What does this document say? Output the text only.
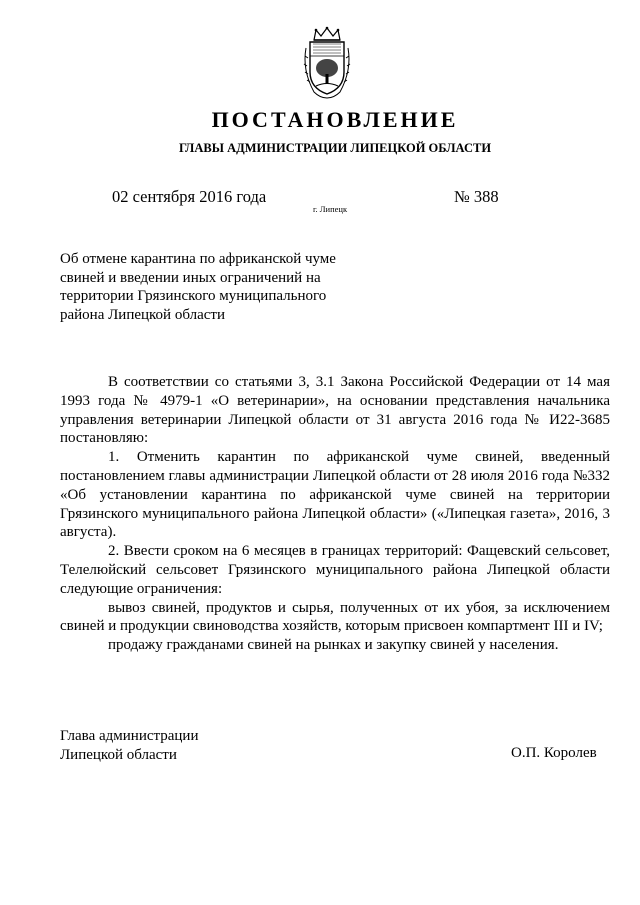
ПОСТАНОВЛЕНИЕ
ГЛАВЫ АДМИНИСТРАЦИИ ЛИПЕЦКОЙ ОБЛАСТИ
02 сентября 2016 года
г. Липецк
№ 388
Об отмене карантина по африканской чуме
свиней и введении иных ограничений на
территории Грязинского муниципального
района Липецкой области

В соответствии со статьями 3, 3.1 Закона Российской Федерации от 14 мая 1993 года № 4979-1 «О ветеринарии», на основании представления начальника управления ветеринарии Липецкой области от 31 августа 2016 года № И22-3685 постановляю:

1. Отменить карантин по африканской чуме свиней, введенный постановлением главы администрации Липецкой области от 28 июля 2016 года №332 «Об установлении карантина по африканской чуме свиней на территории Грязинского муниципального района Липецкой области» («Липецкая газета», 2016, 3 августа).

2. Ввести сроком на 6 месяцев в границах территорий: Фащевский сельсовет, Телелюйский сельсовет Грязинского муниципального района Липецкой области следующие ограничения:

вывоз свиней, продуктов и сырья, полученных от их убоя, за исключением свиней и продукции свиноводства хозяйств, которым присвоен компартмент III и IV;

продажу гражданами свиней на рынках и закупку свиней у населения.

Глава администрации
Липецкой области	О.П. Королев
